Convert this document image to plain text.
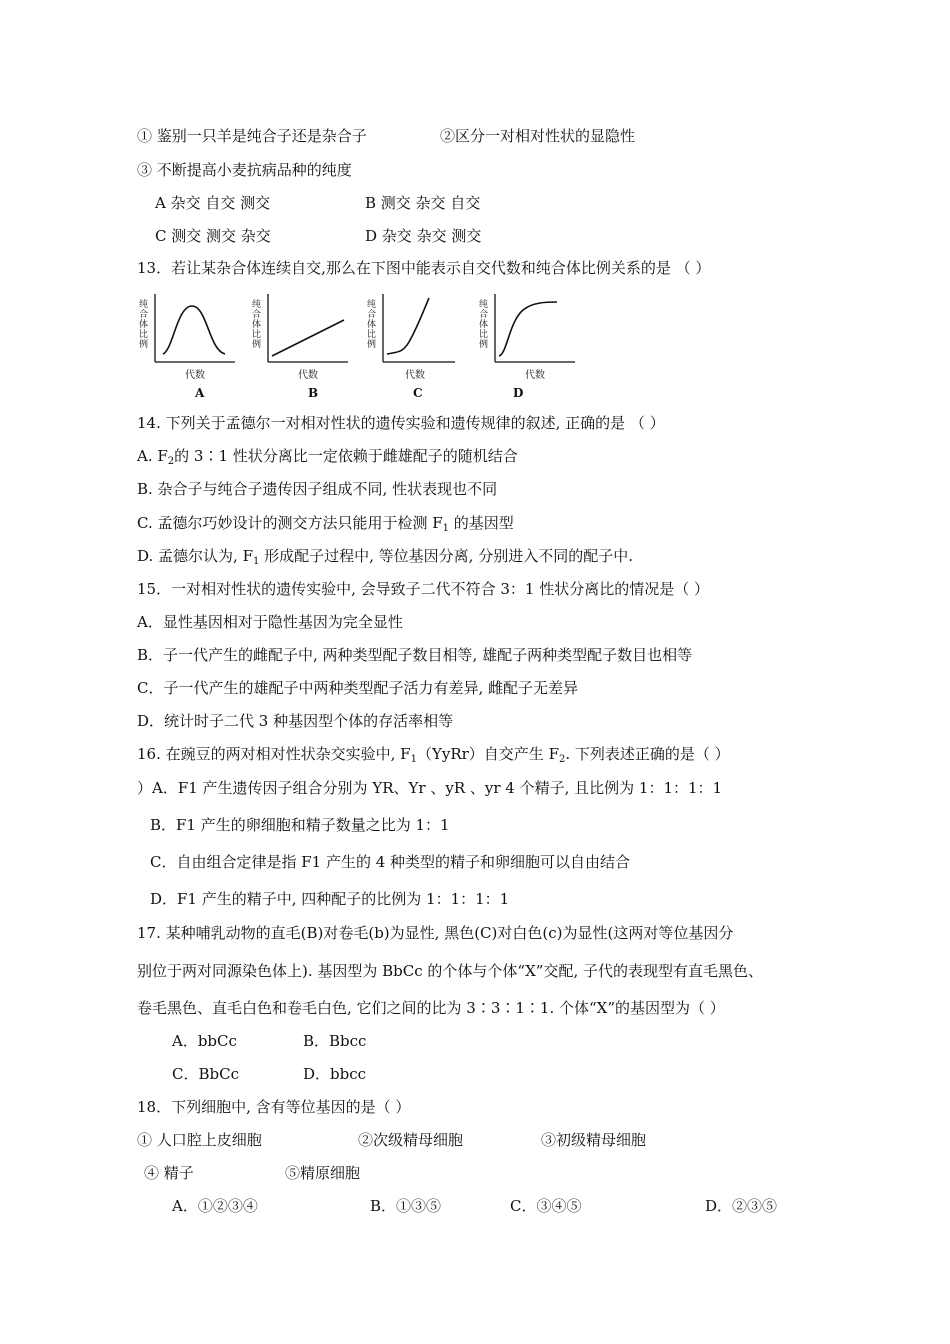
① 鉴别一只羊是纯合子还是杂合子	②区分一对相对性状的显隐性
③ 不断提高小麦抗病品种的纯度
A 杂交 自交 测交	B 测交 杂交 自交
C 测交 测交 杂交	D 杂交 杂交 测交
13．若让某杂合体连续自交,那么在下图中能表示自交代数和纯合体比例关系的是 （ ）
纯合体比例
代数
A
纯合体比例
代数
B
纯合体比例
代数
C
纯合体比例
代数
D
14. 下列关于孟德尔一对相对性状的遗传实验和遗传规律的叙述, 正确的是 （ ）
A. $F_2$的 3∶1 性状分离比一定依赖于雌雄配子的随机结合
B. 杂合子与纯合子遗传因子组成不同, 性状表现也不同
C. 孟德尔巧妙设计的测交方法只能用于检测 $F_1$ 的基因型
D. 孟德尔认为, $F_1$ 形成配子过程中, 等位基因分离, 分别进入不同的配子中.
15．一对相对性状的遗传实验中, 会导致子二代不符合 3：1 性状分离比的情况是（ ）
A．显性基因相对于隐性基因为完全显性
B．子一代产生的雌配子中, 两种类型配子数目相等, 雄配子两种类型配子数目也相等
C．子一代产生的雄配子中两种类型配子活力有差异, 雌配子无差异
D．统计时子二代 3 种基因型个体的存活率相等
16. 在豌豆的两对相对性状杂交实验中, $F_1(YyRr)$自交产生 $F_2$. 下列表述正确的是（ ）
）A．F1 产生遗传因子组合分别为 YR、Yr 、yR 、yr 4 个精子, 且比例为 1：1：1：1
B．F1 产生的卵细胞和精子数量之比为 1：1
C．自由组合定律是指 F1 产生的 4 种类型的精子和卵细胞可以自由结合
D．F1 产生的精子中, 四种配子的比例为 1：1：1：1
17. 某种哺乳动物的直毛(B)对卷毛(b)为显性, 黑色(C)对白色(c)为显性(这两对等位基因分
别位于两对同源染色体上). 基因型为 BbCc 的个体与个体“X”交配, 子代的表现型有直毛黑色、
卷毛黑色、直毛白色和卷毛白色, 它们之间的比为 3∶3∶1∶1. 个体“X”的基因型为（ ）
A．bbCc	B．Bbcc
C．BbCc	D．bbcc
18．下列细胞中, 含有等位基因的是（ ）
① 人口腔上皮细胞	②次级精母细胞	③初级精母细胞
④ 精子	⑤精原细胞
A．①②③④	B．①③⑤	C．③④⑤	D．②③⑤
